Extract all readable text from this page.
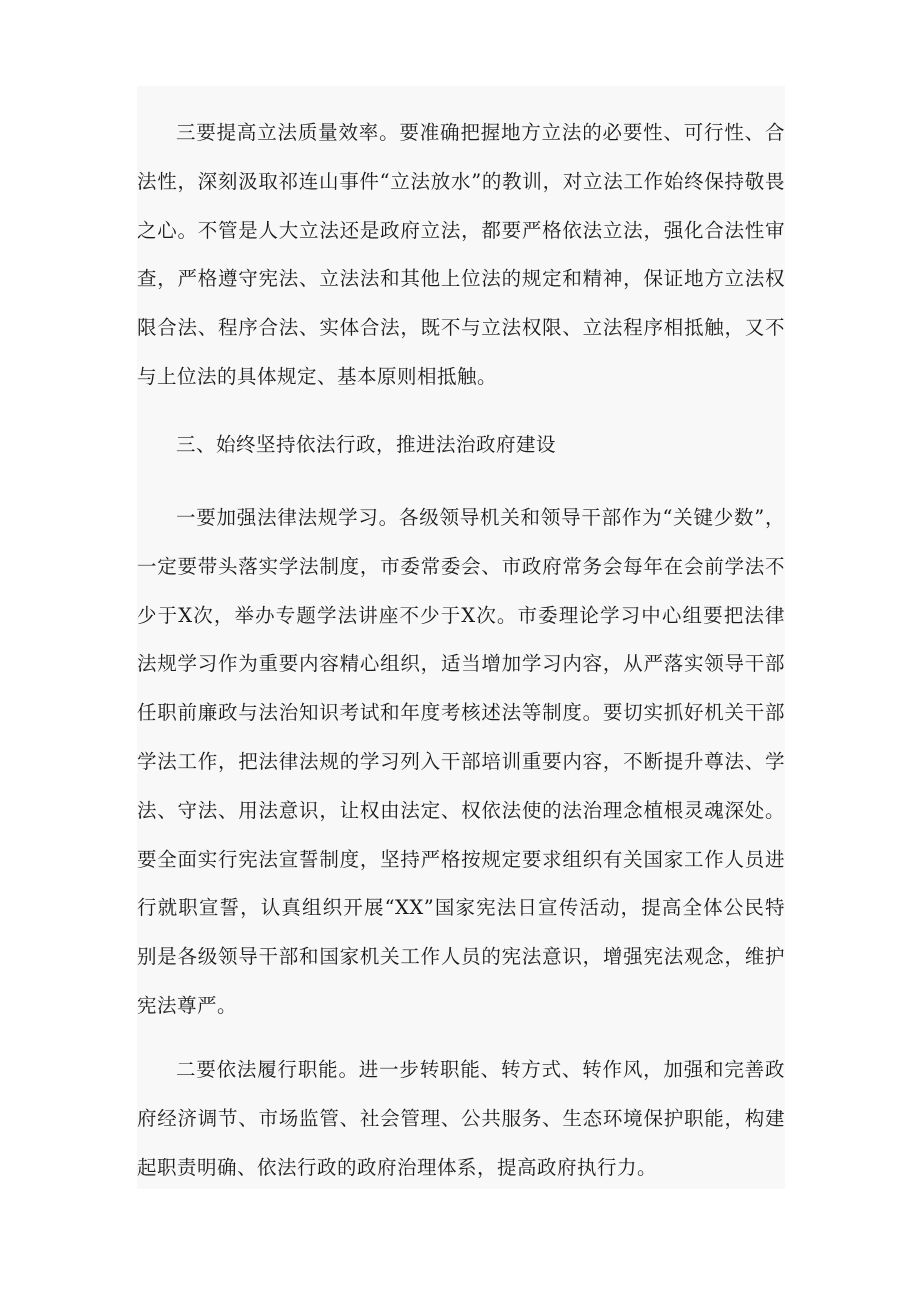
三要提高立法质量效率。要准确把握地方立法的必要性、可行性、合法性，深刻汲取祁连山事件“立法放水”的教训，对立法工作始终保持敬畏之心。不管是人大立法还是政府立法，都要严格依法立法，强化合法性审查，严格遵守宪法、立法法和其他上位法的规定和精神，保证地方立法权限合法、程序合法、实体合法，既不与立法权限、立法程序相抵触，又不与上位法的具体规定、基本原则相抵触。

三、始终坚持依法行政，推进法治政府建设

一要加强法律法规学习。各级领导机关和领导干部作为“关键少数”，一定要带头落实学法制度，市委常委会、市政府常务会每年在会前学法不少于X次，举办专题学法讲座不少于X次。市委理论学习中心组要把法律法规学习作为重要内容精心组织，适当增加学习内容，从严落实领导干部任职前廉政与法治知识考试和年度考核述法等制度。要切实抓好机关干部学法工作，把法律法规的学习列入干部培训重要内容，不断提升尊法、学法、守法、用法意识，让权由法定、权依法使的法治理念植根灵魂深处。要全面实行宪法宣誓制度，坚持严格按规定要求组织有关国家工作人员进行就职宣誓，认真组织开展“XX”国家宪法日宣传活动，提高全体公民特别是各级领导干部和国家机关工作人员的宪法意识，增强宪法观念，维护宪法尊严。

二要依法履行职能。进一步转职能、转方式、转作风，加强和完善政府经济调节、市场监管、社会管理、公共服务、生态环境保护职能，构建起职责明确、依法行政的政府治理体系，提高政府执行力。
